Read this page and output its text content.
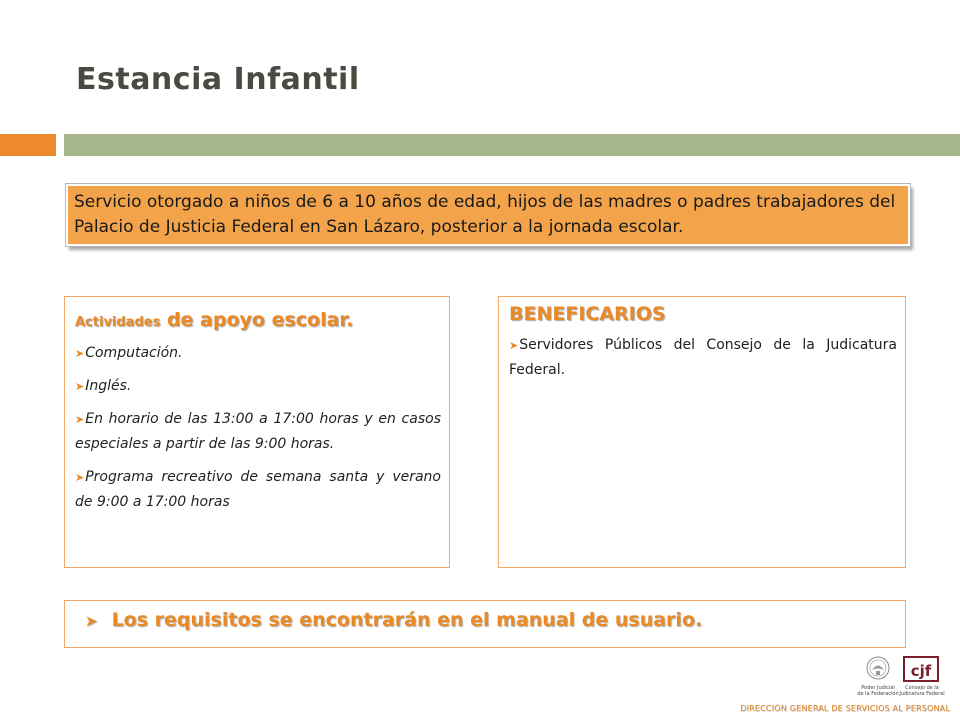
Estancia Infantil
Servicio otorgado a niños de 6 a 10 años de edad, hijos de las madres o padres trabajadores del Palacio de Justicia Federal en San Lázaro, posterior a la jornada escolar.
Actividades de apoyo escolar.
➤Computación.
➤Inglés.
➤En horario de las 13:00 a 17:00 horas y en casos especiales a partir de las 9:00 horas.
➤Programa recreativo de semana santa y verano de 9:00 a 17:00 horas
BENEFICARIOS
➤Servidores Públicos del Consejo de la Judicatura Federal.
➤ Los requisitos se encontrarán en el manual de usuario.
Poder Judicial
de la Federación
cjf
Consejo de la
Judicatura Federal
DIRECCIÓN GENERAL DE SERVICIOS AL PERSONAL
